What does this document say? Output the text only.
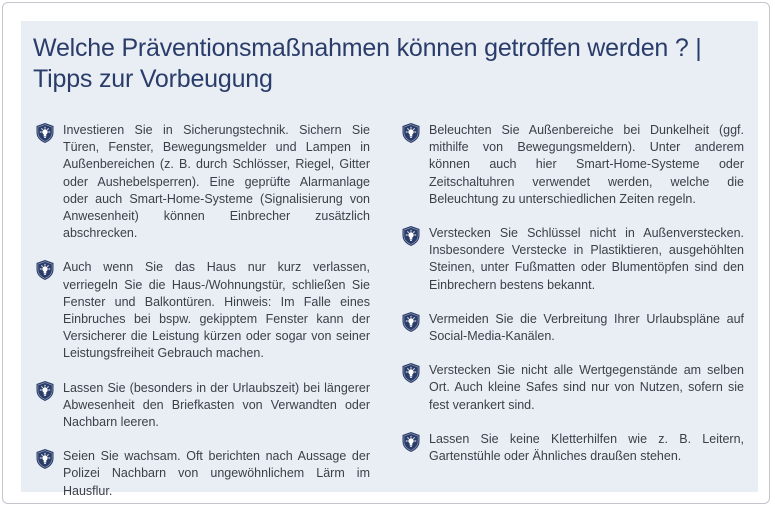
Welche Präventionsmaßnahmen können getroffen werden ? |
Tipps zur Vorbeugung
Investieren Sie in Sicherungstechnik. Sichern Sie Türen, Fenster, Bewegungsmelder und Lampen in Außenbereichen (z. B. durch Schlösser, Riegel, Gitter oder Aushebelsperren). Eine geprüfte Alarmanlage oder auch Smart-Home-Systeme (Signalisierung von Anwesenheit) können Einbrecher zusätzlich abschrecken.
Auch wenn Sie das Haus nur kurz verlassen, verriegeln Sie die Haus-/Wohnungstür, schließen Sie Fenster und Balkontüren. Hinweis: Im Falle eines Einbruches bei bspw. gekipptem Fenster kann der Versicherer die Leistung kürzen oder sogar von seiner Leistungsfreiheit Gebrauch machen.
Lassen Sie (besonders in der Urlaubszeit) bei längerer Abwesenheit den Briefkasten von Verwandten oder Nachbarn leeren.
Seien Sie wachsam. Oft berichten nach Aussage der Polizei Nachbarn von ungewöhnlichem Lärm im Hausflur.
Beleuchten Sie Außenbereiche bei Dunkelheit (ggf. mithilfe von Bewegungsmeldern). Unter anderem können auch hier Smart-Home-Systeme oder Zeitschaltuhren verwendet werden, welche die Beleuchtung zu unterschiedlichen Zeiten regeln.
Verstecken Sie Schlüssel nicht in Außenverstecken. Insbesondere Verstecke in Plastiktieren, ausgehöhlten Steinen, unter Fußmatten oder Blumentöpfen sind den Einbrechern bestens bekannt.
Vermeiden Sie die Verbreitung Ihrer Urlaubspläne auf Social-Media-Kanälen.
Verstecken Sie nicht alle Wertgegenstände am selben Ort. Auch kleine Safes sind nur von Nutzen, sofern sie fest verankert sind.
Lassen Sie keine Kletterhilfen wie z. B. Leitern, Gartenstühle oder Ähnliches draußen stehen.
